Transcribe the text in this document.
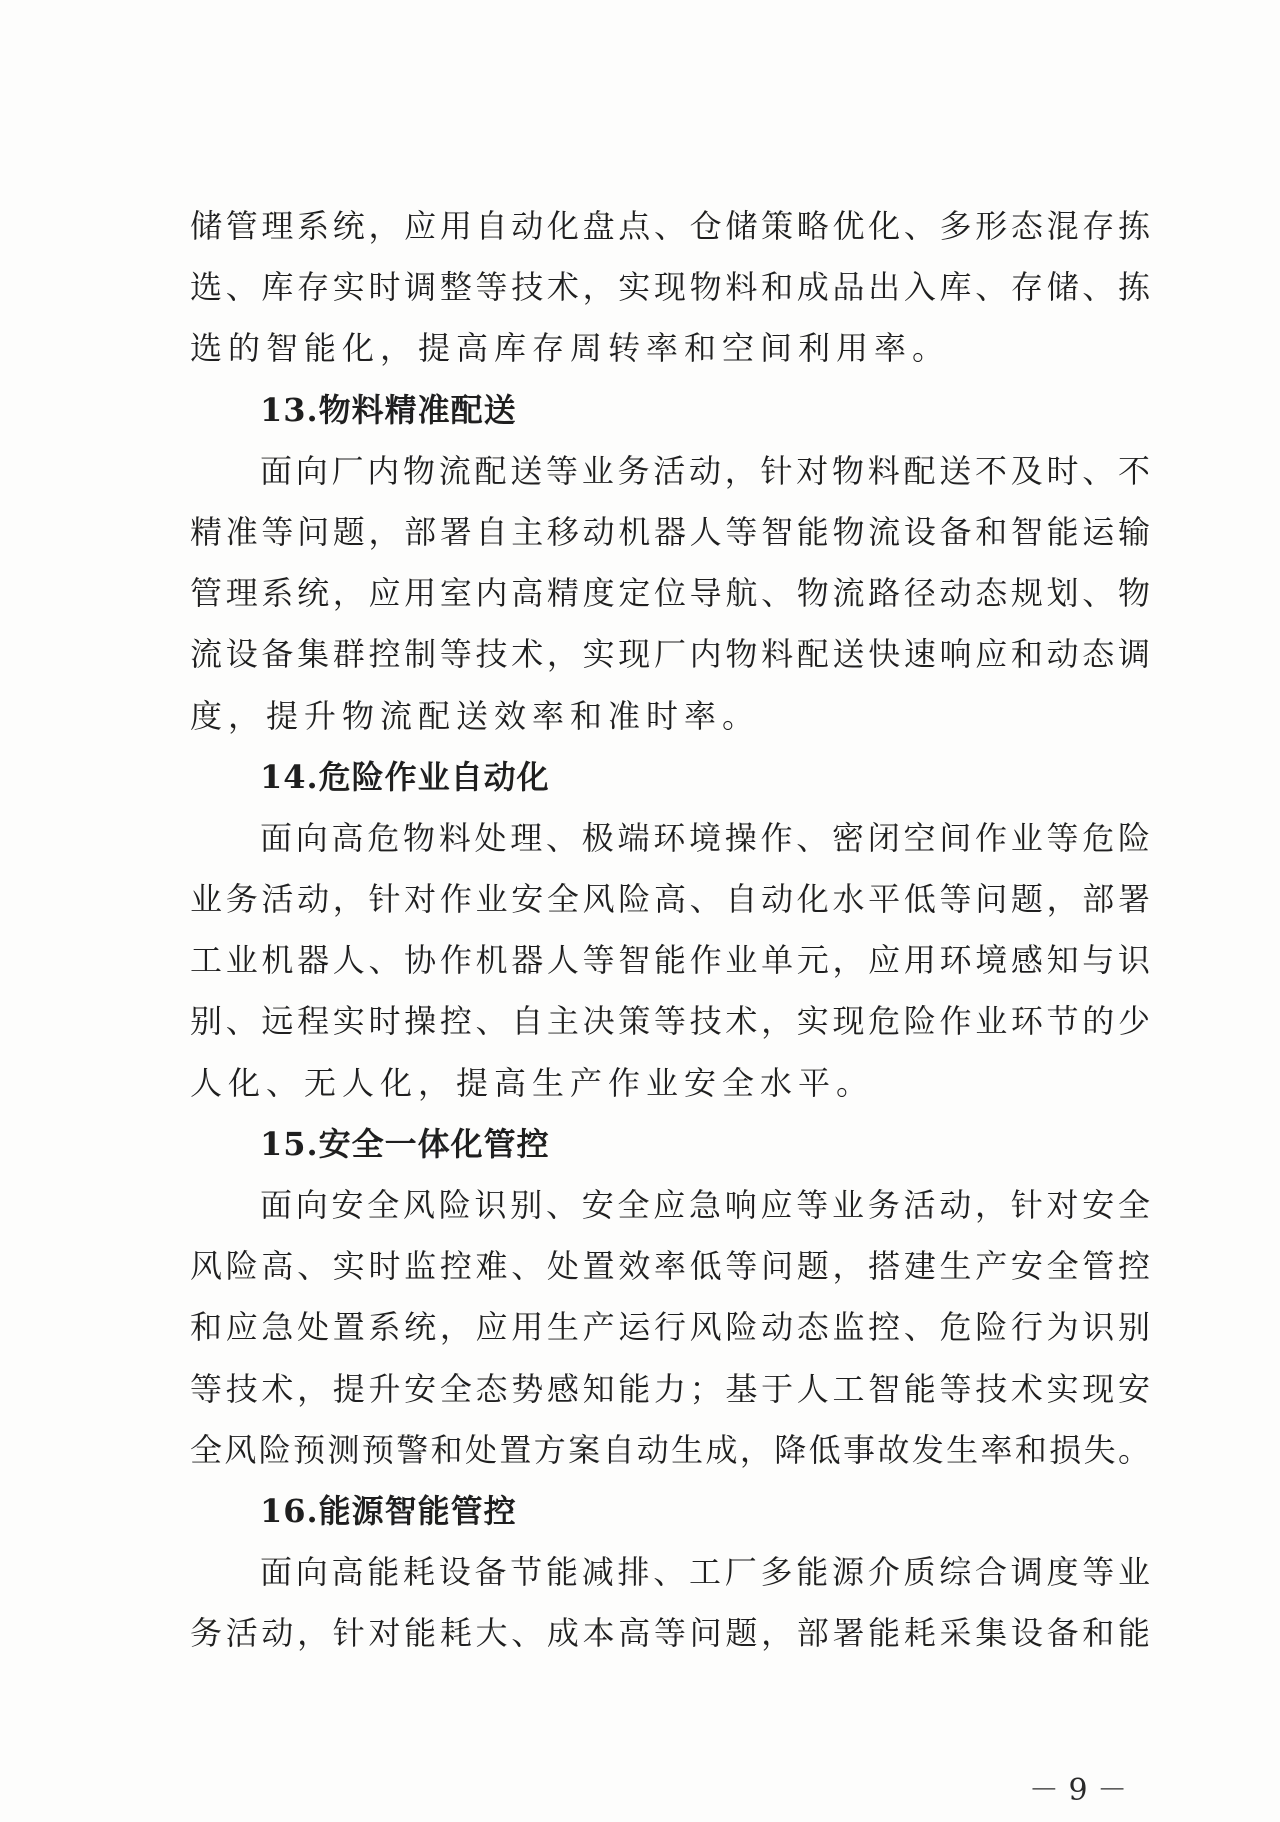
储管理系统，应用自动化盘点、仓储策略优化、多形态混存拣
选、库存实时调整等技术，实现物料和成品出入库、存储、拣
选的智能化，提高库存周转率和空间利用率。
13.物料精准配送
面向厂内物流配送等业务活动，针对物料配送不及时、不
精准等问题，部署自主移动机器人等智能物流设备和智能运输
管理系统，应用室内高精度定位导航、物流路径动态规划、物
流设备集群控制等技术，实现厂内物料配送快速响应和动态调
度，提升物流配送效率和准时率。
14.危险作业自动化
面向高危物料处理、极端环境操作、密闭空间作业等危险
业务活动，针对作业安全风险高、自动化水平低等问题，部署
工业机器人、协作机器人等智能作业单元，应用环境感知与识
别、远程实时操控、自主决策等技术，实现危险作业环节的少
人化、无人化，提高生产作业安全水平。
15.安全一体化管控
面向安全风险识别、安全应急响应等业务活动，针对安全
风险高、实时监控难、处置效率低等问题，搭建生产安全管控
和应急处置系统，应用生产运行风险动态监控、危险行为识别
等技术，提升安全态势感知能力；基于人工智能等技术实现安
全风险预测预警和处置方案自动生成，降低事故发生率和损失。
16.能源智能管控
面向高能耗设备节能减排、工厂多能源介质综合调度等业
务活动，针对能耗大、成本高等问题，部署能耗采集设备和能
－ 9 －
